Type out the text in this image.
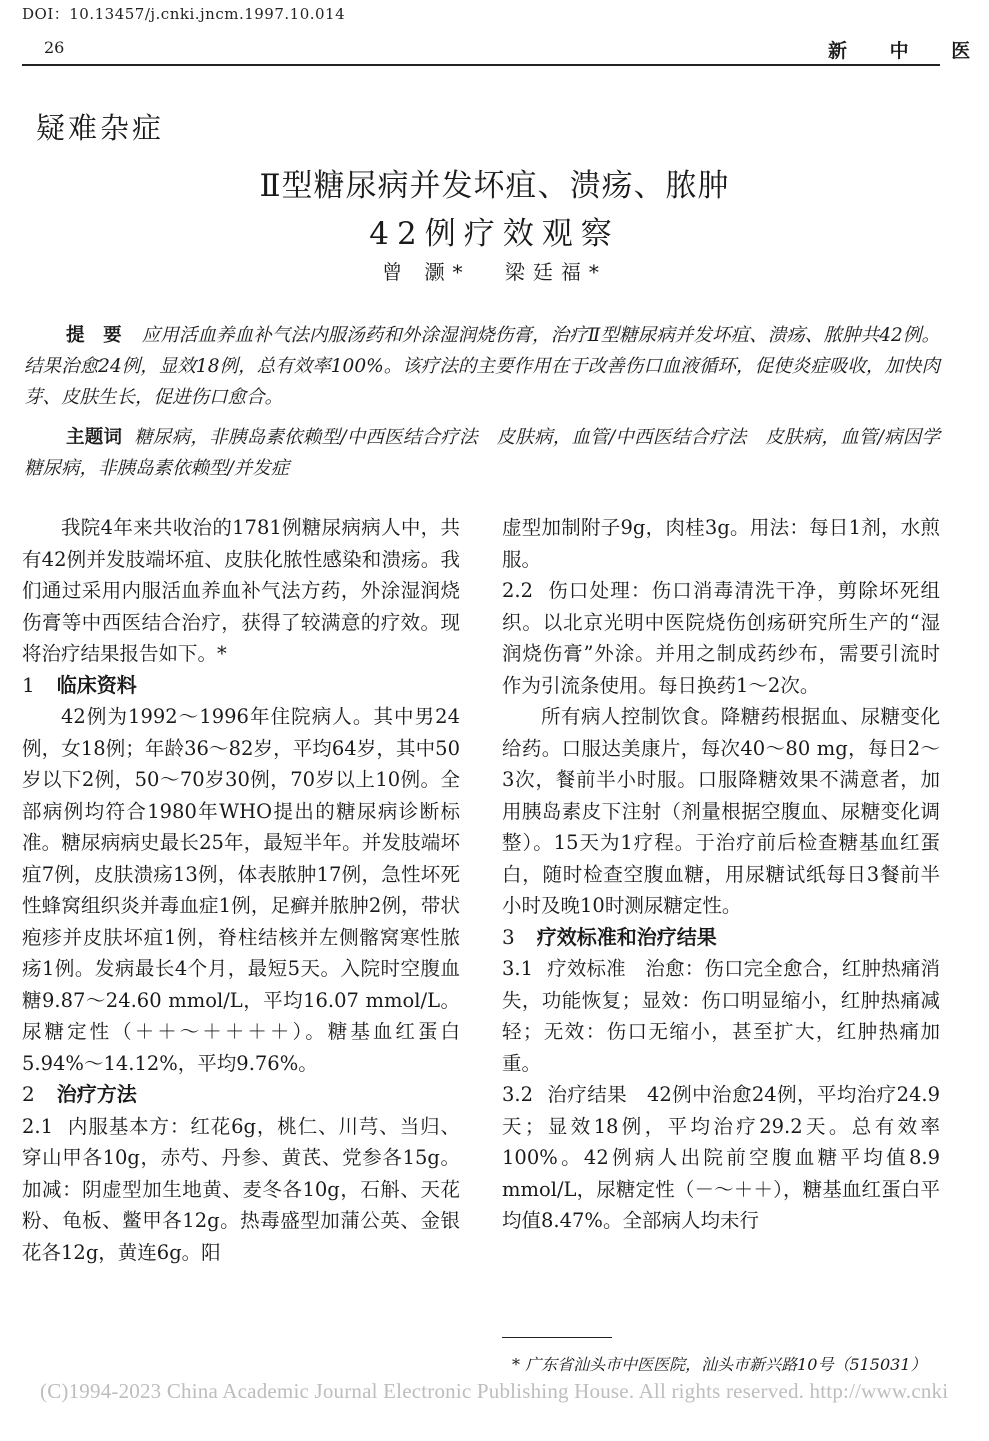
DOI：10.13457/j.cnki.jncm.1997.10.014
26	新 中 医
疑难杂症
Ⅱ型糖尿病并发坏疽、溃疡、脓肿
42例疗效观察
曾 灏* 梁廷福*
提 要 应用活血养血补气法内服汤药和外涂湿润烧伤膏，治疗Ⅱ型糖尿病并发坏疽、溃疡、脓肿共42例。结果治愈24例，显效18例，总有效率100%。该疗法的主要作用在于改善伤口血液循环，促使炎症吸收，加快肉芽、皮肤生长，促进伤口愈合。
主题词 糖尿病，非胰岛素依赖型/中西医结合疗法　皮肤病，血管/中西医结合疗法　皮肤病，血管/病因学　糖尿病，非胰岛素依赖型/并发症

我院4年来共收治的1781例糖尿病病人中，共有42例并发肢端坏疽、皮肤化脓性感染和溃疡。我们通过采用内服活血养血补气法方药，外涂湿润烧伤膏等中西医结合治疗，获得了较满意的疗效。现将治疗结果报告如下。*

1 临床资料

42例为1992～1996年住院病人。其中男24例，女18例；年龄36～82岁，平均64岁，其中50岁以下2例，50～70岁30例，70岁以上10例。全部病例均符合1980年WHO提出的糖尿病诊断标准。糖尿病病史最长25年，最短半年。并发肢端坏疽7例，皮肤溃疡13例，体表脓肿17例，急性坏死性蜂窝组织炎并毒血症1例，足癣并脓肿2例，带状疱疹并皮肤坏疽1例，脊柱结核并左侧髂窝寒性脓疡1例。发病最长4个月，最短5天。入院时空腹血糖9.87～24.60 mmol/L，平均16.07 mmol/L。尿糖定性（＋＋～＋＋＋＋）。糖基血红蛋白5.94%～14.12%，平均9.76%。

2 治疗方法

2.1 内服基本方：红花6g，桃仁、川芎、当归、穿山甲各10g，赤芍、丹参、黄芪、党参各15g。加减：阴虚型加生地黄、麦冬各10g，石斛、天花粉、龟板、鳖甲各12g。热毒盛型加蒲公英、金银花各12g，黄连6g。阳

虚型加制附子9g，肉桂3g。用法：每日1剂，水煎服。

2.2 伤口处理：伤口消毒清洗干净，剪除坏死组织。以北京光明中医院烧伤创疡研究所生产的“湿润烧伤膏”外涂。并用之制成药纱布，需要引流时作为引流条使用。每日换药1～2次。

所有病人控制饮食。降糖药根据血、尿糖变化给药。口服达美康片，每次40～80 mg，每日2～3次，餐前半小时服。口服降糖效果不满意者，加用胰岛素皮下注射（剂量根据空腹血、尿糖变化调整）。15天为1疗程。于治疗前后检查糖基血红蛋白，随时检查空腹血糖，用尿糖试纸每日3餐前半小时及晚10时测尿糖定性。

3 疗效标准和治疗结果

3.1 疗效标准　治愈：伤口完全愈合，红肿热痛消失，功能恢复；显效：伤口明显缩小，红肿热痛减轻；无效：伤口无缩小，甚至扩大，红肿热痛加重。

3.2 治疗结果　42例中治愈24例，平均治疗24.9天；显效18例，平均治疗29.2天。总有效率100%。42例病人出院前空腹血糖平均值8.9 mmol/L，尿糖定性（－～＋＋），糖基血红蛋白平均值8.47%。全部病人均未行

* 广东省汕头市中医医院，汕头市新兴路10号（515031）
(C)1994-2023 China Academic Journal Electronic Publishing House. All rights reserved. http://www.cnki
